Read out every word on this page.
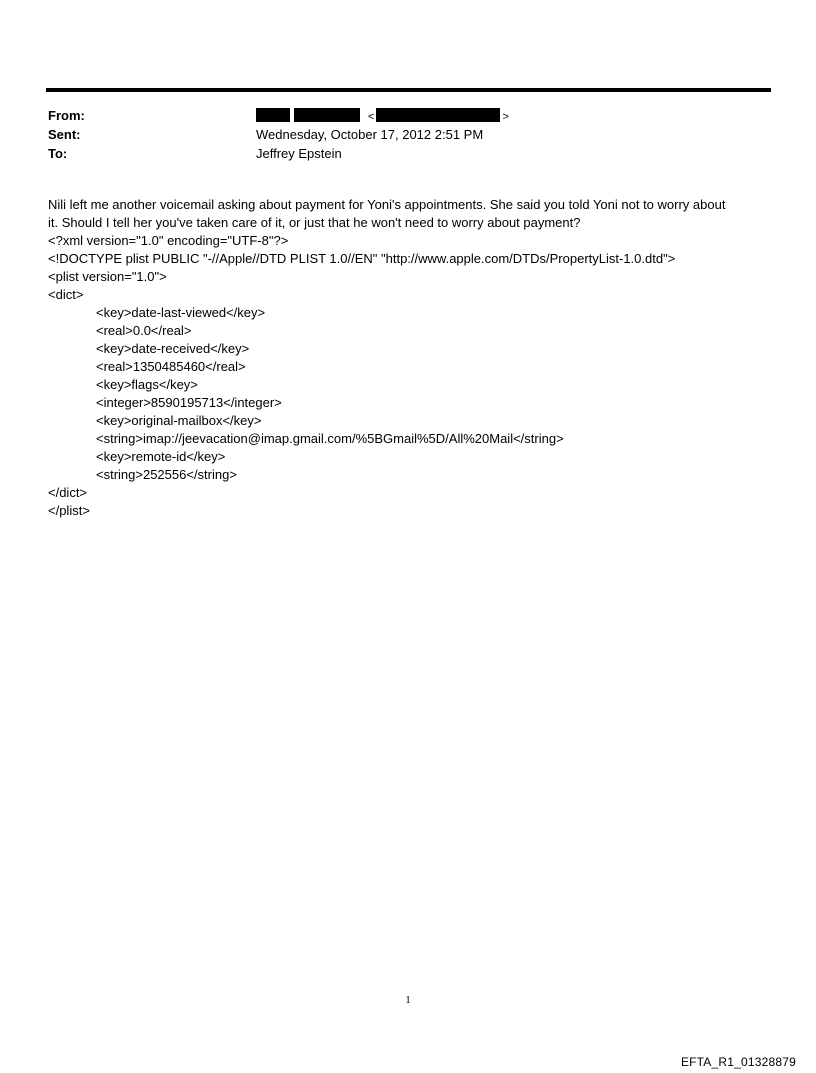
From:	<	>
Sent:	Wednesday, October 17, 2012 2:51 PM
To:	Jeffrey Epstein
Nili left me another voicemail asking about payment for Yoni's appointments. She said you told Yoni not to worry about
it. Should I tell her you've taken care of it, or just that he won't need to worry about payment?
<?xml version="1.0" encoding="UTF-8"?>
<!DOCTYPE plist PUBLIC "-//Apple//DTD PLIST 1.0//EN" "http://www.apple.com/DTDs/PropertyList-1.0.dtd">
<plist version="1.0">
<dict>
<key>date-last-viewed</key>
<real>0.0</real>
<key>date-received</key>
<real>1350485460</real>
<key>flags</key>
<integer>8590195713</integer>
<key>original-mailbox</key>
<string>imap://jeevacation@imap.gmail.com/%5BGmail%5D/All%20Mail</string>
<key>remote-id</key>
<string>252556</string>
</dict>
</plist>
1
EFTA_R1_01328879
